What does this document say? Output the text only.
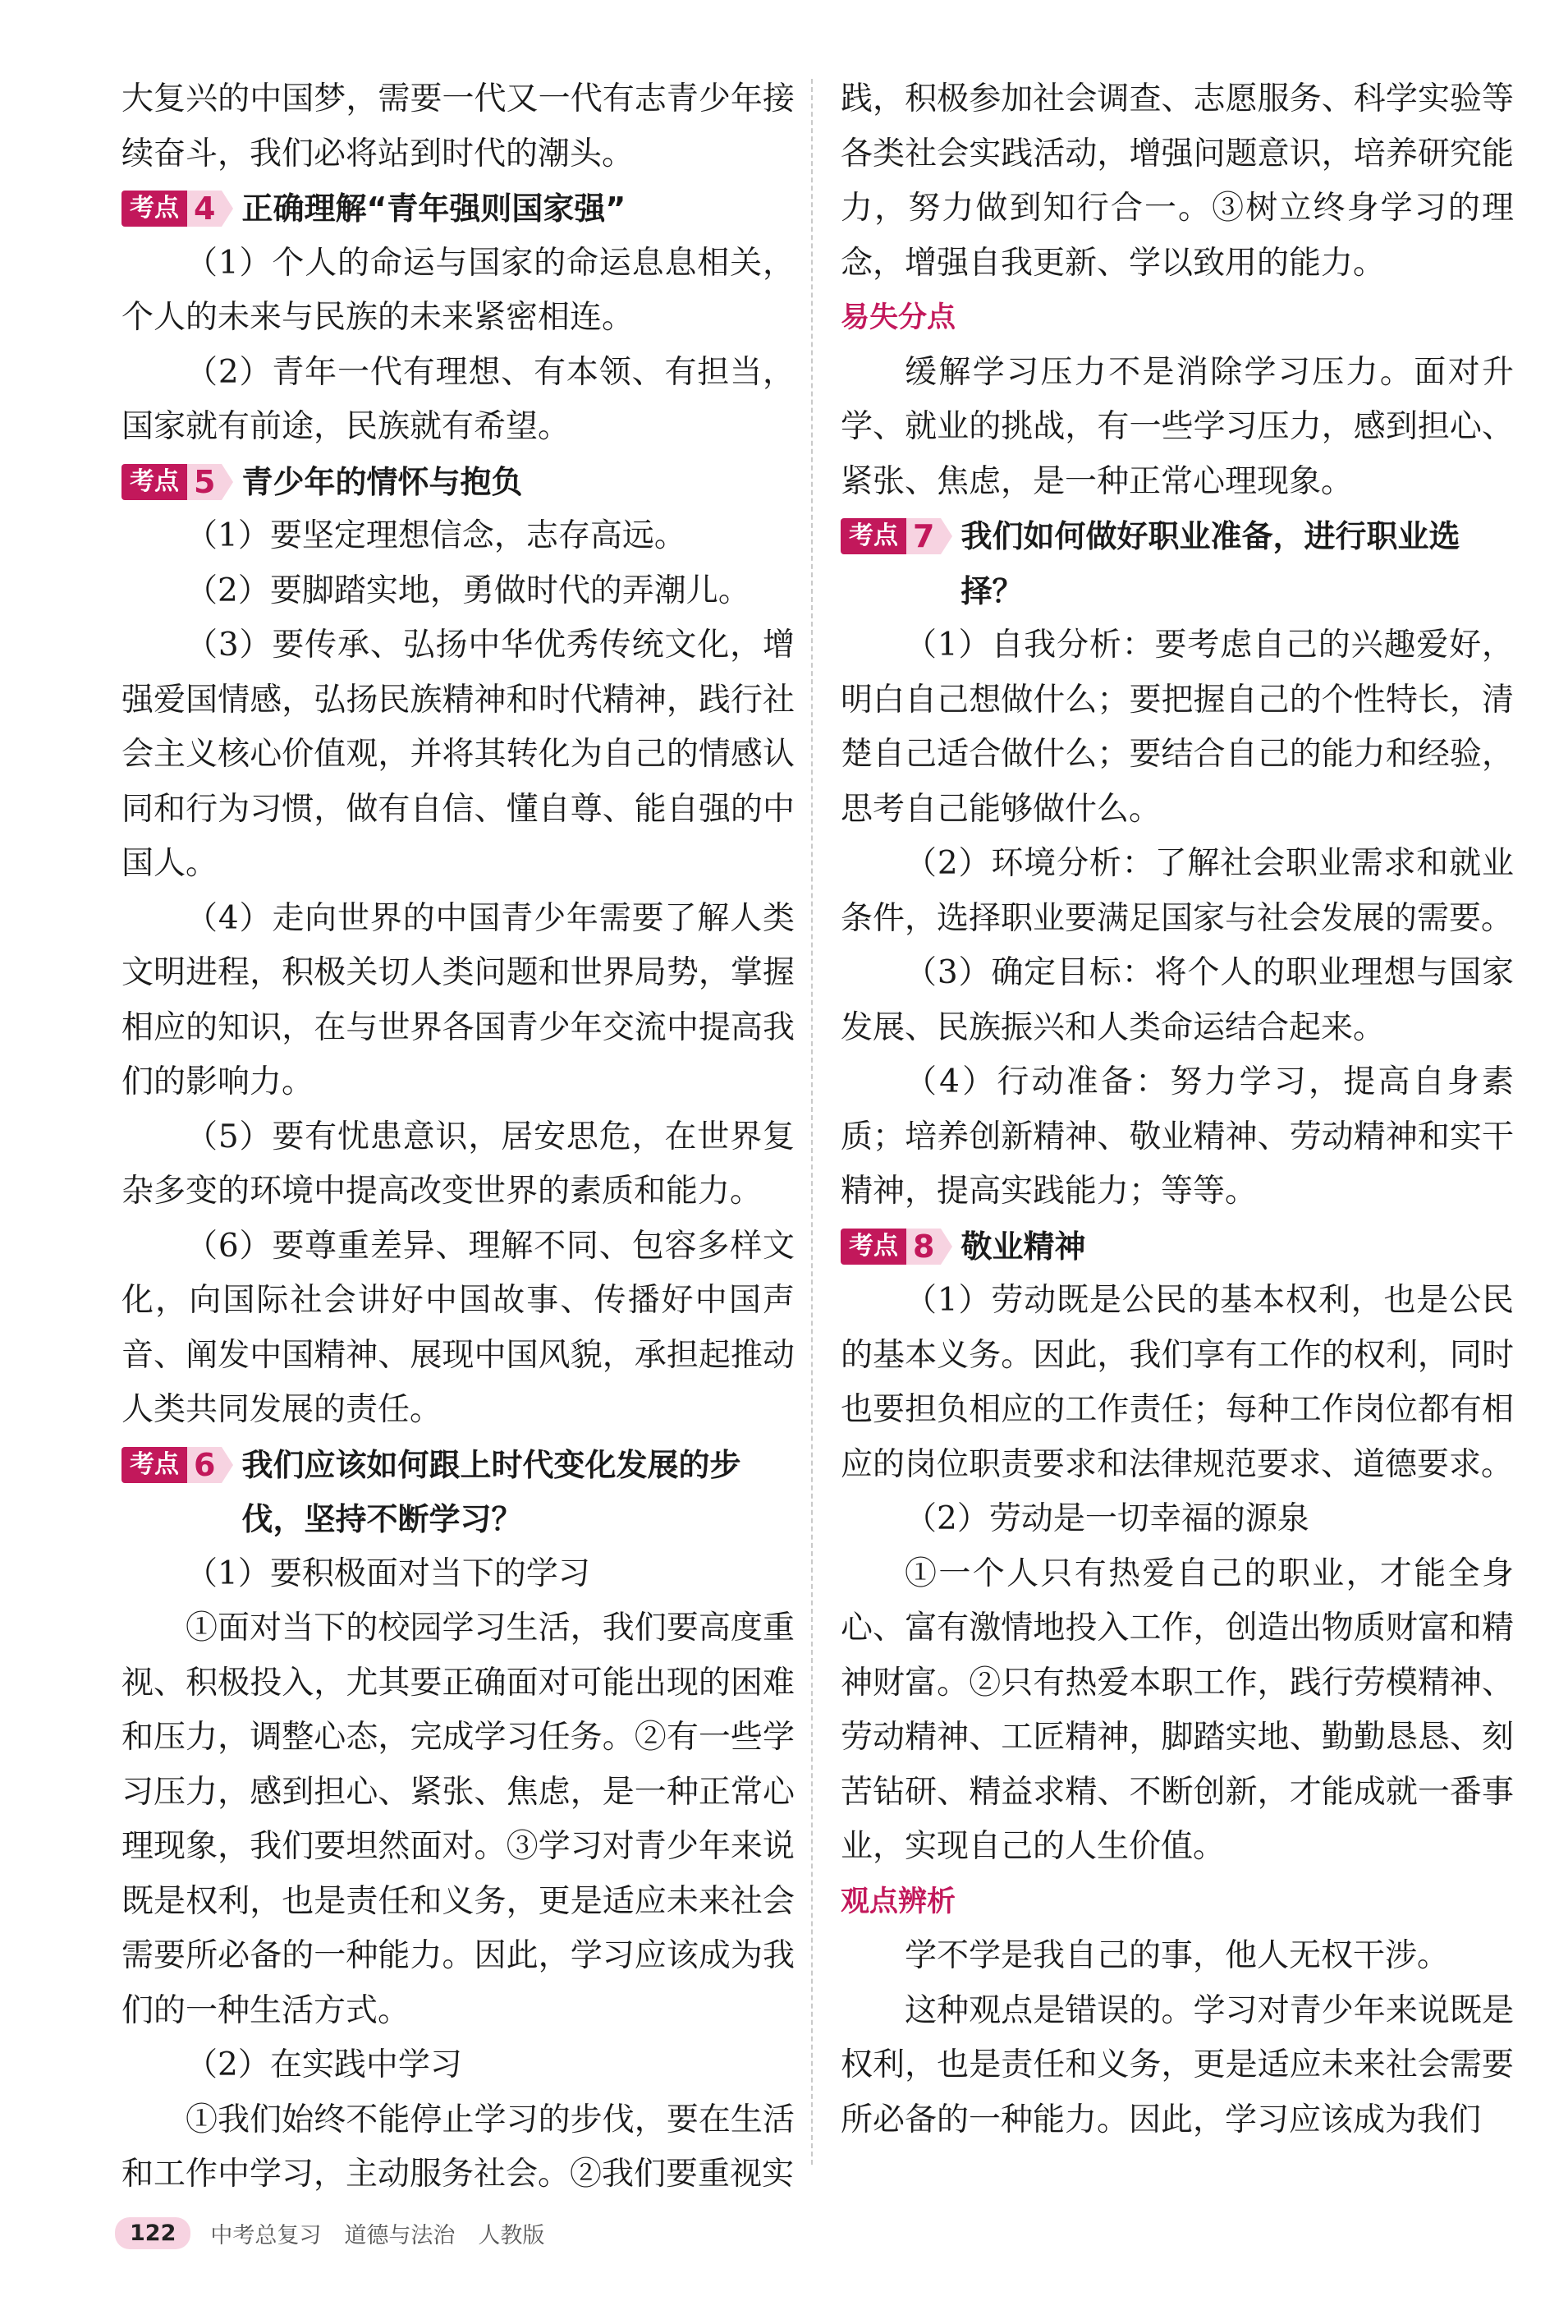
大复兴的中国梦，需要一代又一代有志青少年接续奋斗，我们必将站到时代的潮头。

考点 4 正确理解“青年强则国家强”

（1）个人的命运与国家的命运息息相关，个人的未来与民族的未来紧密相连。

（2）青年一代有理想、有本领、有担当，国家就有前途，民族就有希望。

考点 5 青少年的情怀与抱负

（1）要坚定理想信念，志存高远。

（2）要脚踏实地，勇做时代的弄潮儿。

（3）要传承、弘扬中华优秀传统文化，增强爱国情感，弘扬民族精神和时代精神，践行社会主义核心价值观，并将其转化为自己的情感认同和行为习惯，做有自信、懂自尊、能自强的中国人。

（4）走向世界的中国青少年需要了解人类文明进程，积极关切人类问题和世界局势，掌握相应的知识，在与世界各国青少年交流中提高我们的影响力。

（5）要有忧患意识，居安思危，在世界复杂多变的环境中提高改变世界的素质和能力。

（6）要尊重差异、理解不同、包容多样文化，向国际社会讲好中国故事、传播好中国声音、阐发中国精神、展现中国风貌，承担起推动人类共同发展的责任。

考点 6 我们应该如何跟上时代变化发展的步伐，坚持不断学习？

（1）要积极面对当下的学习

①面对当下的校园学习生活，我们要高度重视、积极投入，尤其要正确面对可能出现的困难和压力，调整心态，完成学习任务。②有一些学习压力，感到担心、紧张、焦虑，是一种正常心理现象，我们要坦然面对。③学习对青少年来说既是权利，也是责任和义务，更是适应未来社会需要所必备的一种能力。因此，学习应该成为我们的一种生活方式。

（2）在实践中学习

①我们始终不能停止学习的步伐，要在生活和工作中学习，主动服务社会。②我们要重视实

践，积极参加社会调查、志愿服务、科学实验等各类社会实践活动，增强问题意识，培养研究能力，努力做到知行合一。③树立终身学习的理念，增强自我更新、学以致用的能力。

易失分点

缓解学习压力不是消除学习压力。面对升学、就业的挑战，有一些学习压力，感到担心、紧张、焦虑，是一种正常心理现象。

考点 7 我们如何做好职业准备，进行职业选择？

（1）自我分析：要考虑自己的兴趣爱好，明白自己想做什么；要把握自己的个性特长，清楚自己适合做什么；要结合自己的能力和经验，思考自己能够做什么。

（2）环境分析：了解社会职业需求和就业条件，选择职业要满足国家与社会发展的需要。

（3）确定目标：将个人的职业理想与国家发展、民族振兴和人类命运结合起来。

（4）行动准备：努力学习，提高自身素质；培养创新精神、敬业精神、劳动精神和实干精神，提高实践能力；等等。

考点 8 敬业精神

（1）劳动既是公民的基本权利，也是公民的基本义务。因此，我们享有工作的权利，同时也要担负相应的工作责任；每种工作岗位都有相应的岗位职责要求和法律规范要求、道德要求。

（2）劳动是一切幸福的源泉

①一个人只有热爱自己的职业，才能全身心、富有激情地投入工作，创造出物质财富和精神财富。②只有热爱本职工作，践行劳模精神、劳动精神、工匠精神，脚踏实地、勤勤恳恳、刻苦钻研、精益求精、不断创新，才能成就一番事业，实现自己的人生价值。

观点辨析

学不学是我自己的事，他人无权干涉。

这种观点是错误的。学习对青少年来说既是权利，也是责任和义务，更是适应未来社会需要所必备的一种能力。因此，学习应该成为我们

122	中考总复习 道德与法治 人教版
